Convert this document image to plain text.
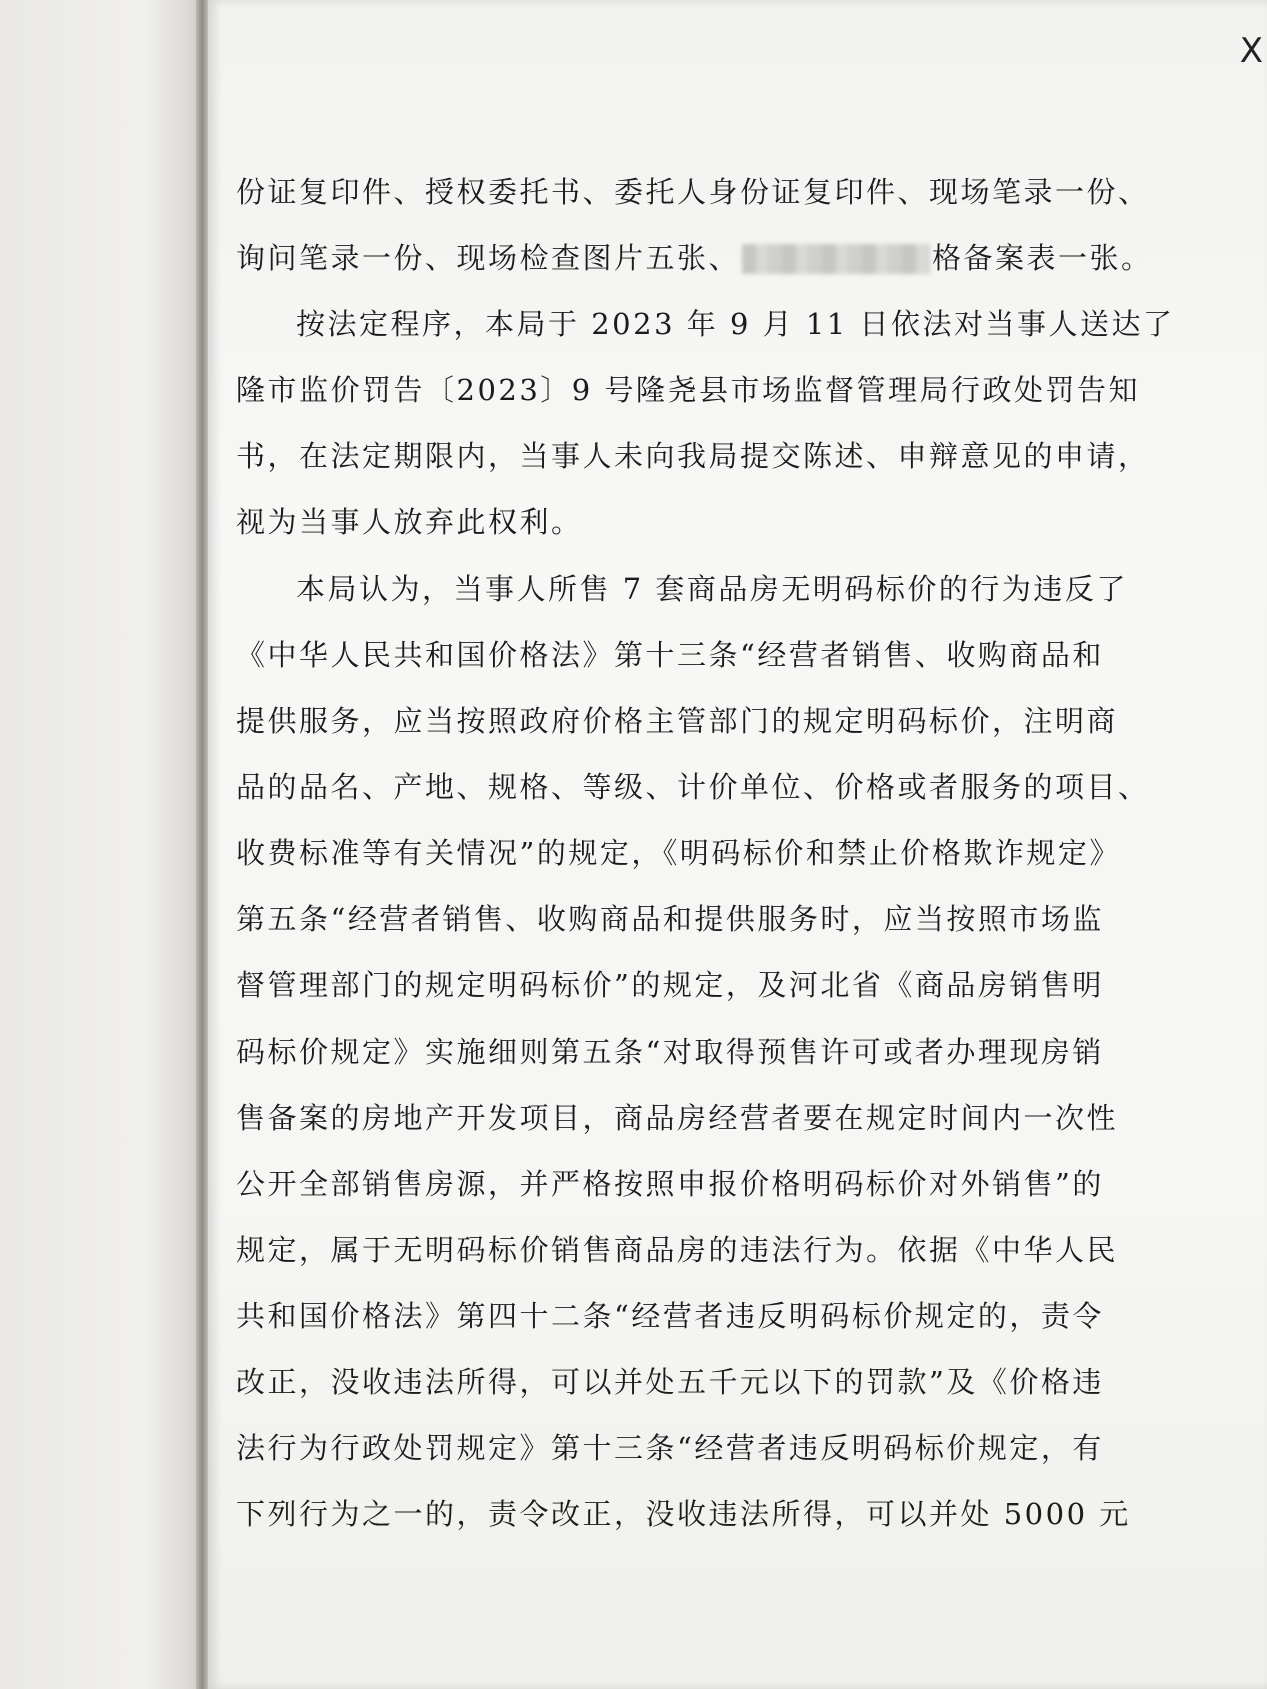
X
份证复印件、授权委托书、委托人身份证复印件、现场笔录一份、
询问笔录一份、现场检查图片五张、	格备案表一张。
按法定程序，本局于 2023 年 9 月 11 日依法对当事人送达了
隆市监价罚告〔2023〕9 号隆尧县市场监督管理局行政处罚告知
书，在法定期限内，当事人未向我局提交陈述、申辩意见的申请，
视为当事人放弃此权利。
本局认为，当事人所售 7 套商品房无明码标价的行为违反了
《中华人民共和国价格法》第十三条“经营者销售、收购商品和
提供服务，应当按照政府价格主管部门的规定明码标价，注明商
品的品名、产地、规格、等级、计价单位、价格或者服务的项目、
收费标准等有关情况”的规定，《明码标价和禁止价格欺诈规定》
第五条“经营者销售、收购商品和提供服务时，应当按照市场监
督管理部门的规定明码标价”的规定，及河北省《商品房销售明
码标价规定》实施细则第五条“对取得预售许可或者办理现房销
售备案的房地产开发项目，商品房经营者要在规定时间内一次性
公开全部销售房源，并严格按照申报价格明码标价对外销售”的
规定，属于无明码标价销售商品房的违法行为。依据《中华人民
共和国价格法》第四十二条“经营者违反明码标价规定的，责令
改正，没收违法所得，可以并处五千元以下的罚款”及《价格违
法行为行政处罚规定》第十三条“经营者违反明码标价规定，有
下列行为之一的，责令改正，没收违法所得，可以并处 5000 元
